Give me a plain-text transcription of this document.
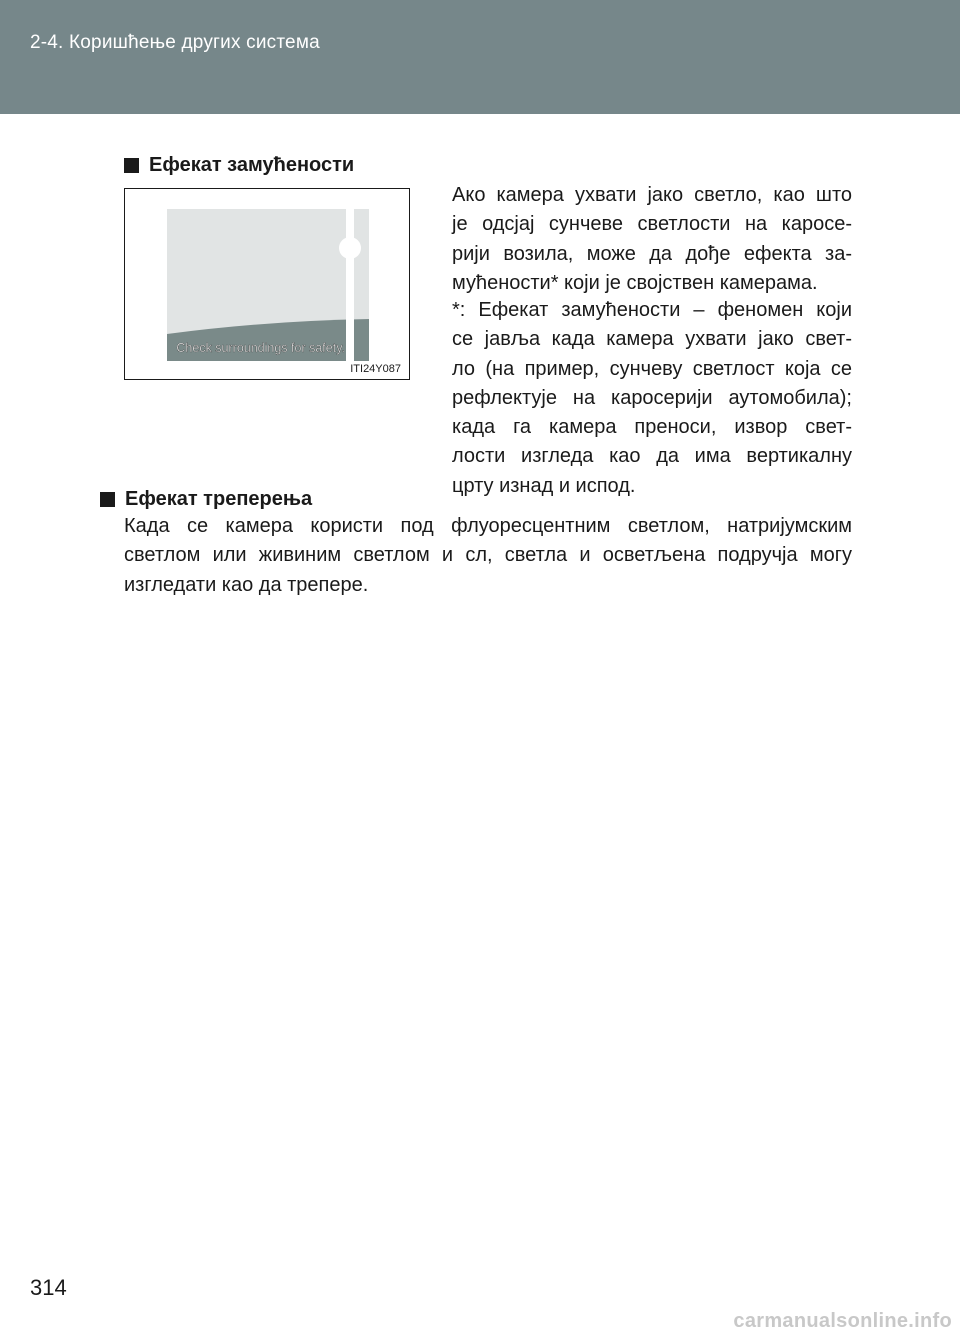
2-4. Коришћење других система
Ефекат замућености
Check surroundings for safety.
ITI24Y087
Ако камера ухвати јако светло, као што
је одсјај сунчеве светлости на каросе-
рији возила, може да дође ефекта за-
мућености* који је својствен камерама.
*: Ефекат замућености – феномен који
се јавља када камера ухвати јако свет-
ло (на пример, сунчеву светлост која се
рефлектује на каросерији аутомобила);
када га камера преноси, извор свет-
лости изгледа као да има вертикалну
црту изнад и испод.
Ефекат треперења
Када се камера користи под флуоресцентним светлом, натријумским
светлом или живиним светлом и сл, светла и осветљена подручја могу
изгледати као да трепере.
314
carmanualsonline.info
